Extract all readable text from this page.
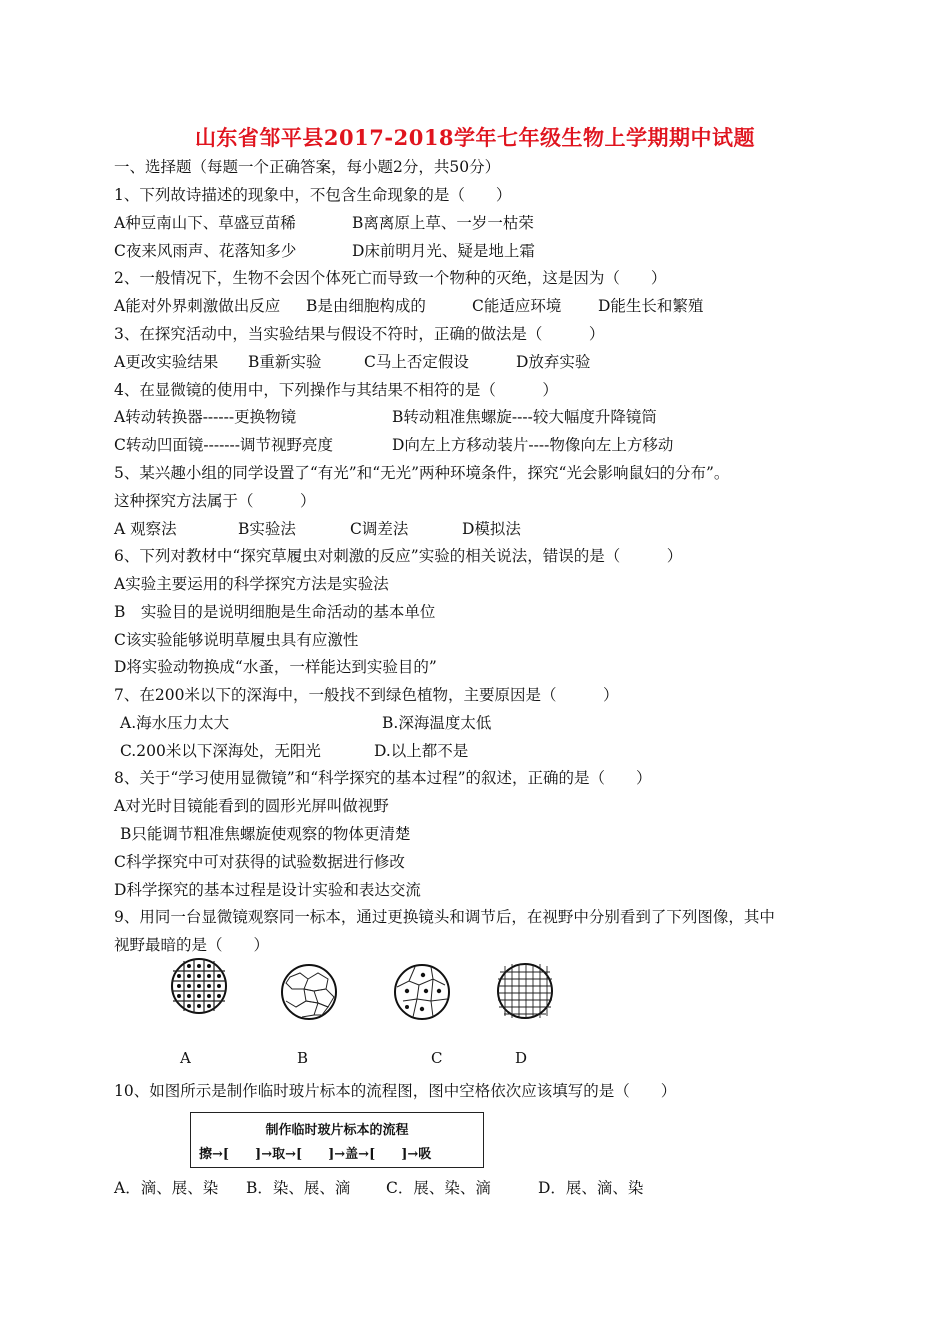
山东省邹平县2017-2018学年七年级生物上学期期中试题
一、选择题（每题一个正确答案，每小题2分，共50分）
1、下列故诗描述的现象中，不包含生命现象的是（　　）
A种豆南山下、草盛豆苗稀	B离离原上草、一岁一枯荣
C夜来风雨声、花落知多少	D床前明月光、疑是地上霜
2、一般情况下，生物不会因个体死亡而导致一个物种的灭绝，这是因为（　　）
A能对外界刺激做出反应 B是由细胞构成的	C能适应环境 D能生长和繁殖
3、在探究活动中，当实验结果与假设不符时，正确的做法是（　　　）
A更改实验结果 B重新实验	C马上否定假设	D放弃实验
4、在显微镜的使用中，下列操作与其结果不相符的是（　　　）
A转动转换器------更换物镜	B转动粗准焦螺旋----较大幅度升降镜筒
C转动凹面镜-------调节视野亮度	D向左上方移动装片----物像向左上方移动
5、某兴趣小组的同学设置了“有光”和“无光”两种环境条件，探究“光会影响鼠妇的分布”。
这种探究方法属于（　　　）
A 观察法	B实验法	C调差法	D模拟法
6、下列对教材中“探究草履虫对刺激的反应”实验的相关说法，错误的是（　　　）
A实验主要运用的科学探究方法是实验法
B　实验目的是说明细胞是生命活动的基本单位
C该实验能够说明草履虫具有应激性
D将实验动物换成“水蚤，一样能达到实验目的”
7、在200米以下的深海中，一般找不到绿色植物，主要原因是（　　　）
A.海水压力太大	B.深海温度太低
C.200米以下深海处，无阳光	D.以上都不是
8、关于“学习使用显微镜”和“科学探究的基本过程”的叙述，正确的是（　　）
A对光时目镜能看到的圆形光屏叫做视野
B只能调节粗准焦螺旋使观察的物体更清楚
C科学探究中可对获得的试验数据进行修改
D科学探究的基本过程是设计实验和表达交流
9、用同一台显微镜观察同一标本，通过更换镜头和调节后，在视野中分别看到了下列图像，其中
视野最暗的是（　　）
A	B	C	D
10、如图所示是制作临时玻片标本的流程图，图中空格依次应该填写的是（　　）
制作临时玻片标本的流程
擦→[　　]→取→[　　]→盖→[　　]→吸
A．滴、展、染 B．染、展、滴 C．展、染、滴	D．展、滴、染
